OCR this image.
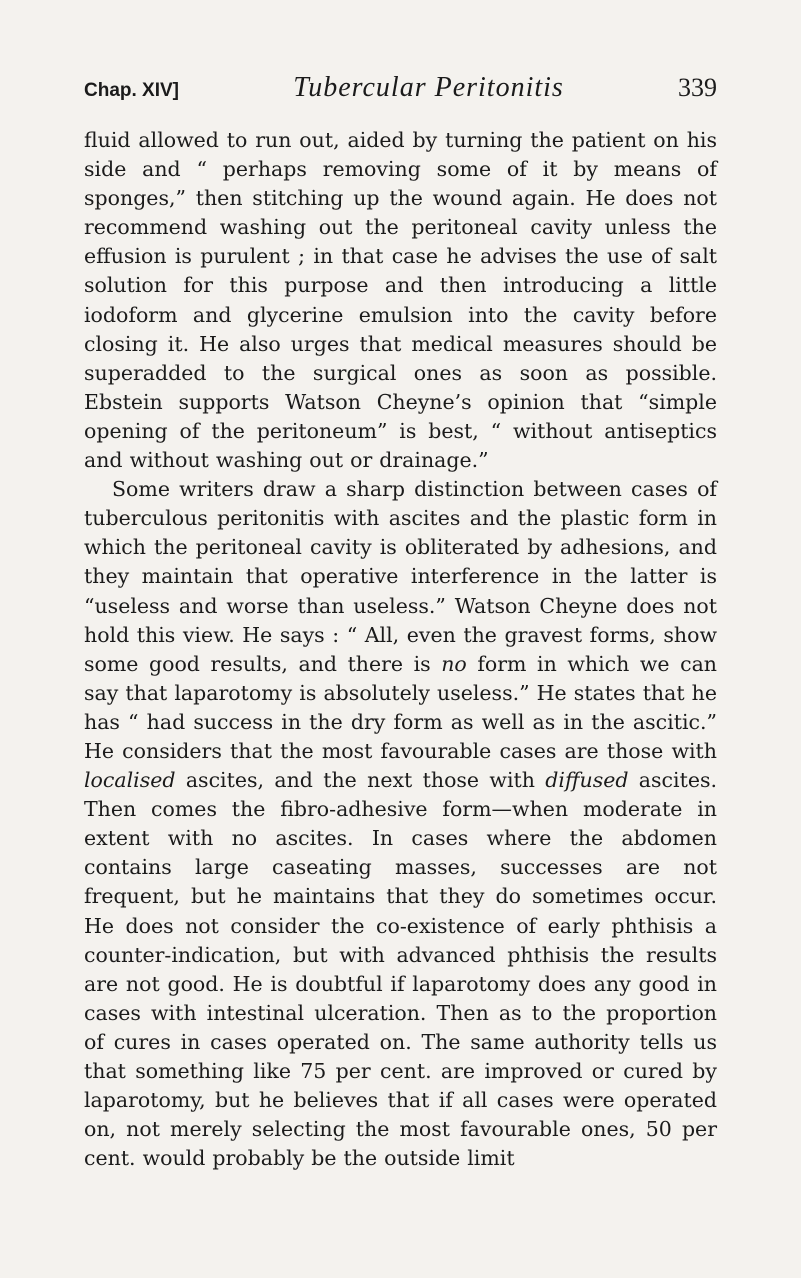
Chap. XIV]	Tubercular Peritonitis	339

fluid allowed to run out, aided by turning the patient on his side and “ perhaps removing some of it by means of sponges,” then stitching up the wound again. He does not recommend washing out the peritoneal cavity unless the effusion is purulent ; in that case he advises the use of salt solution for this purpose and then introducing a little iodoform and glycerine emulsion into the cavity before closing it. He also urges that medical measures should be superadded to the surgical ones as soon as possible. Ebstein supports Watson Cheyne’s opinion that “simple opening of the peritoneum” is best, “ without antiseptics and without washing out or drainage.”

Some writers draw a sharp distinction between cases of tuberculous peritonitis with ascites and the plastic form in which the peritoneal cavity is obliterated by adhesions, and they maintain that operative interference in the latter is “useless and worse than useless.” Watson Cheyne does not hold this view. He says : “ All, even the gravest forms, show some good results, and there is no form in which we can say that laparotomy is absolutely useless.” He states that he has “ had success in the dry form as well as in the ascitic.” He considers that the most favourable cases are those with localised ascites, and the next those with diffused ascites. Then comes the fibro-adhesive form—when moderate in extent with no ascites. In cases where the abdomen contains large caseating masses, successes are not frequent, but he maintains that they do sometimes occur. He does not consider the co-existence of early phthisis a counter-indication, but with advanced phthisis the results are not good. He is doubtful if laparotomy does any good in cases with intestinal ulceration. Then as to the proportion of cures in cases operated on. The same authority tells us that something like 75 per cent. are improved or cured by laparotomy, but he believes that if all cases were operated on, not merely selecting the most favourable ones, 50 per cent. would probably be the outside limit
